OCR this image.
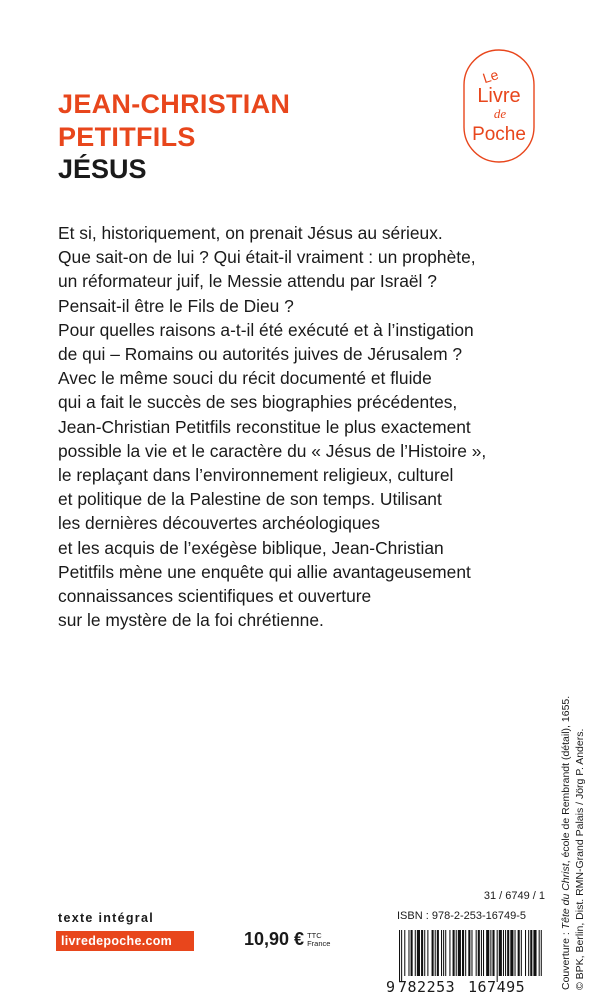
JEAN-CHRISTIAN
PETITFILS
JÉSUS
Le
Livre
de
Poche
Et si, historiquement, on prenait Jésus au sérieux.
Que sait-on de lui ? Qui était-il vraiment : un prophète,
un réformateur juif, le Messie attendu par Israël ?
Pensait-il être le Fils de Dieu ?
Pour quelles raisons a-t-il été exécuté et à l’instigation
de qui – Romains ou autorités juives de Jérusalem ?
Avec le même souci du récit documenté et fluide
qui a fait le succès de ses biographies précédentes,
Jean-Christian Petitfils reconstitue le plus exactement
possible la vie et le caractère du « Jésus de l’Histoire »,
le replaçant dans l’environnement religieux, culturel
et politique de la Palestine de son temps. Utilisant
les dernières découvertes archéologiques
et les acquis de l’exégèse biblique, Jean-Christian
Petitfils mène une enquête qui allie avantageusement
connaissances scientifiques et ouverture
sur le mystère de la foi chrétienne.
Couverture : Tête du Christ, école de Rembrandt (détail), 1655. © BPK, Berlin, Dist. RMN-Grand Palais / Jörg P. Anders.
texte intégral
livredepoche.com	10,90 € TTC
France
31 / 6749 / 1
ISBN : 978-2-253-16749-5
9 782253 167495
